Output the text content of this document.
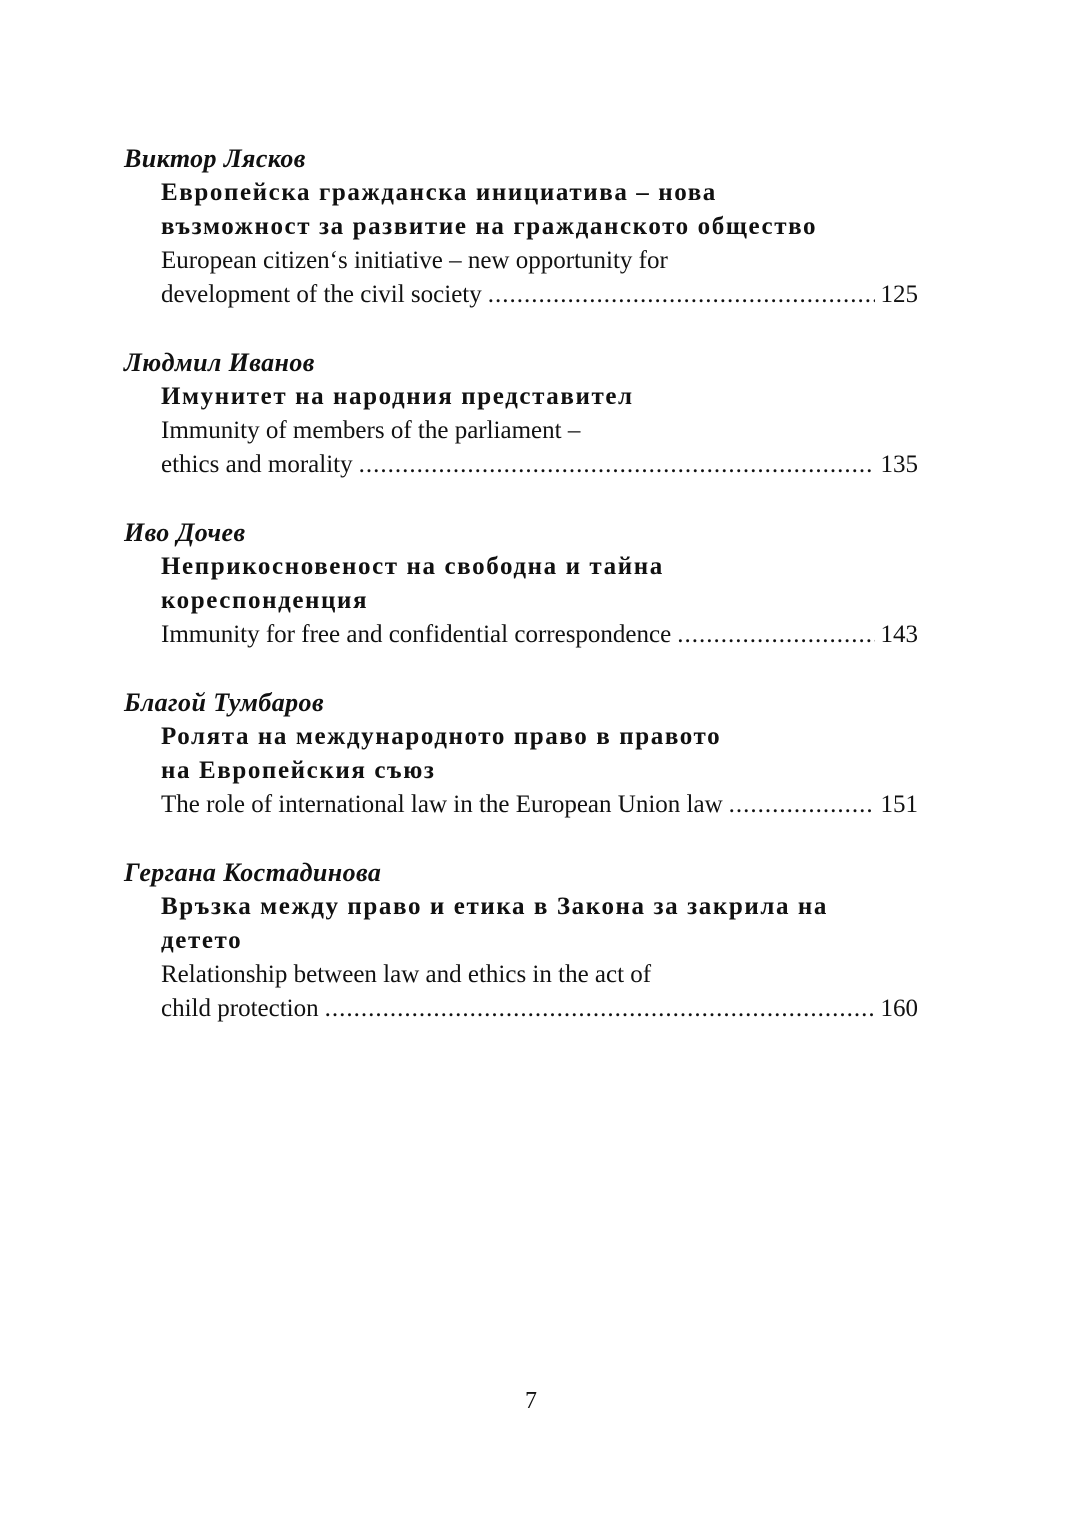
Виктор Лясков

Европейска гражданска инициатива – нова

възможност за развитие на гражданското общество

European citizen‘s initiative – new opportunity for

development of the civil society .....	125

Людмил Иванов

Имунитет на народния представител

Immunity of members of the parliament –

ethics and morality .....	135

Иво Дочев

Неприкосновеност на свободна и тайна

кореспонденция

Immunity for free and confidential correspondence .....	143

Благой Тумбаров

Ролята на международното право в правото

на Европейския съюз

The role of international law in the European Union law .....	151

Гергана Костадинова

Връзка между право и етика в Закона за закрила на

детето

Relationship between law and ethics in the act of

child protection .....	160
7
